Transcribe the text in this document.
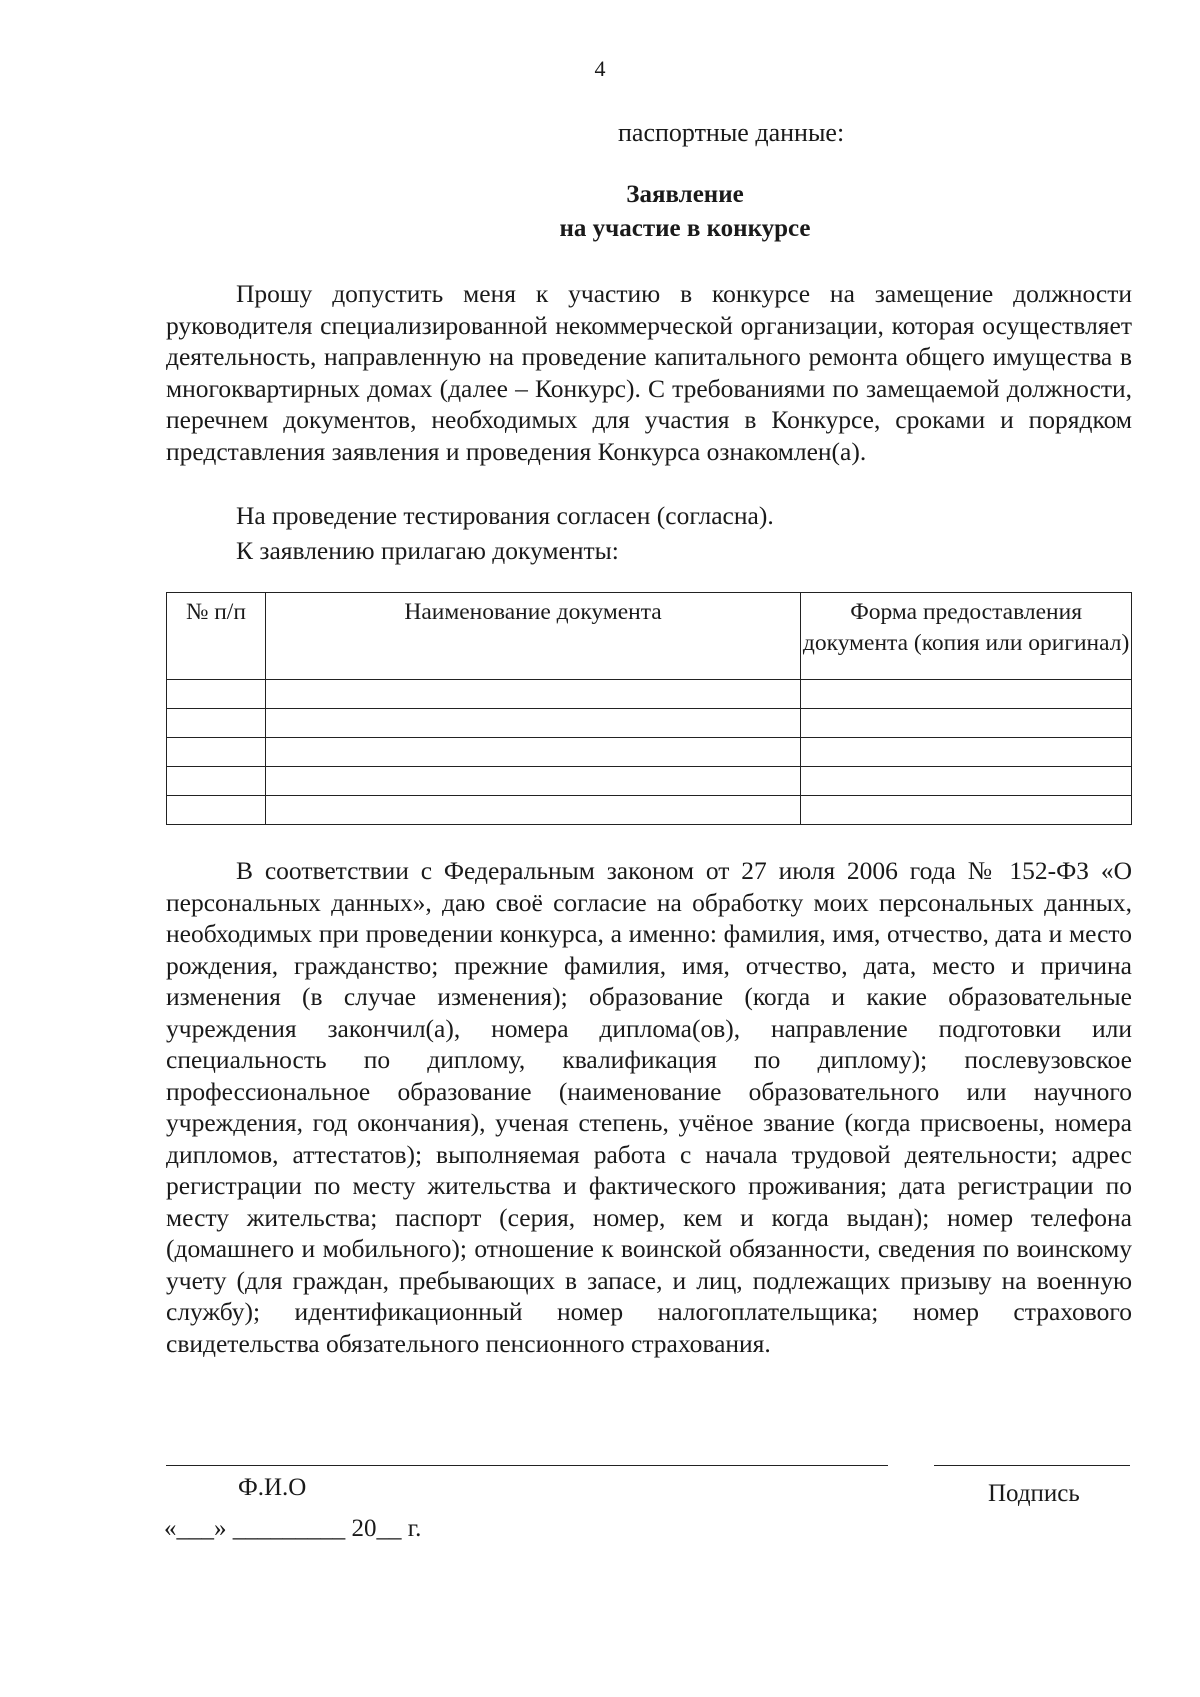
4
паспортные данные:
Заявление
на участие в конкурсе
Прошу допустить меня к участию в конкурсе на замещение должности руководителя специализированной некоммерческой организации, которая осуществляет деятельность, направленную на проведение капитального ремонта общего имущества в многоквартирных домах (далее – Конкурс). С требованиями по замещаемой должности, перечнем документов, необходимых для участия в Конкурсе, сроками и порядком представления заявления и проведения Конкурса ознакомлен(а).
На проведение тестирования согласен (согласна).
К заявлению прилагаю документы:
№ п/п	Наименование документа	Форма предоставления документа (копия или оригинал)

В соответствии с Федеральным законом от 27 июля 2006 года № 152-ФЗ «О персональных данных», даю своё согласие на обработку моих персональных данных, необходимых при проведении конкурса, а именно: фамилия, имя, отчество, дата и место рождения, гражданство; прежние фамилия, имя, отчество, дата, место и причина изменения (в случае изменения); образование (когда и какие образовательные учреждения закончил(а), номера диплома(ов), направление подготовки или специальность по диплому, квалификация по диплому); послевузовское профессиональное образование (наименование образовательного или научного учреждения, год окончания), ученая степень, учёное звание (когда присвоены, номера дипломов, аттестатов); выполняемая работа с начала трудовой деятельности; адрес регистрации по месту жительства и фактического проживания; дата регистрации по месту жительства; паспорт (серия, номер, кем и когда выдан); номер телефона (домашнего и мобильного); отношение к воинской обязанности, сведения по воинскому учету (для граждан, пребывающих в запасе, и лиц, подлежащих призыву на военную службу); идентификационный номер налогоплательщика; номер страхового свидетельства обязательного пенсионного страхования.
Ф.И.О	Подпись
«___» _________ 20__ г.
